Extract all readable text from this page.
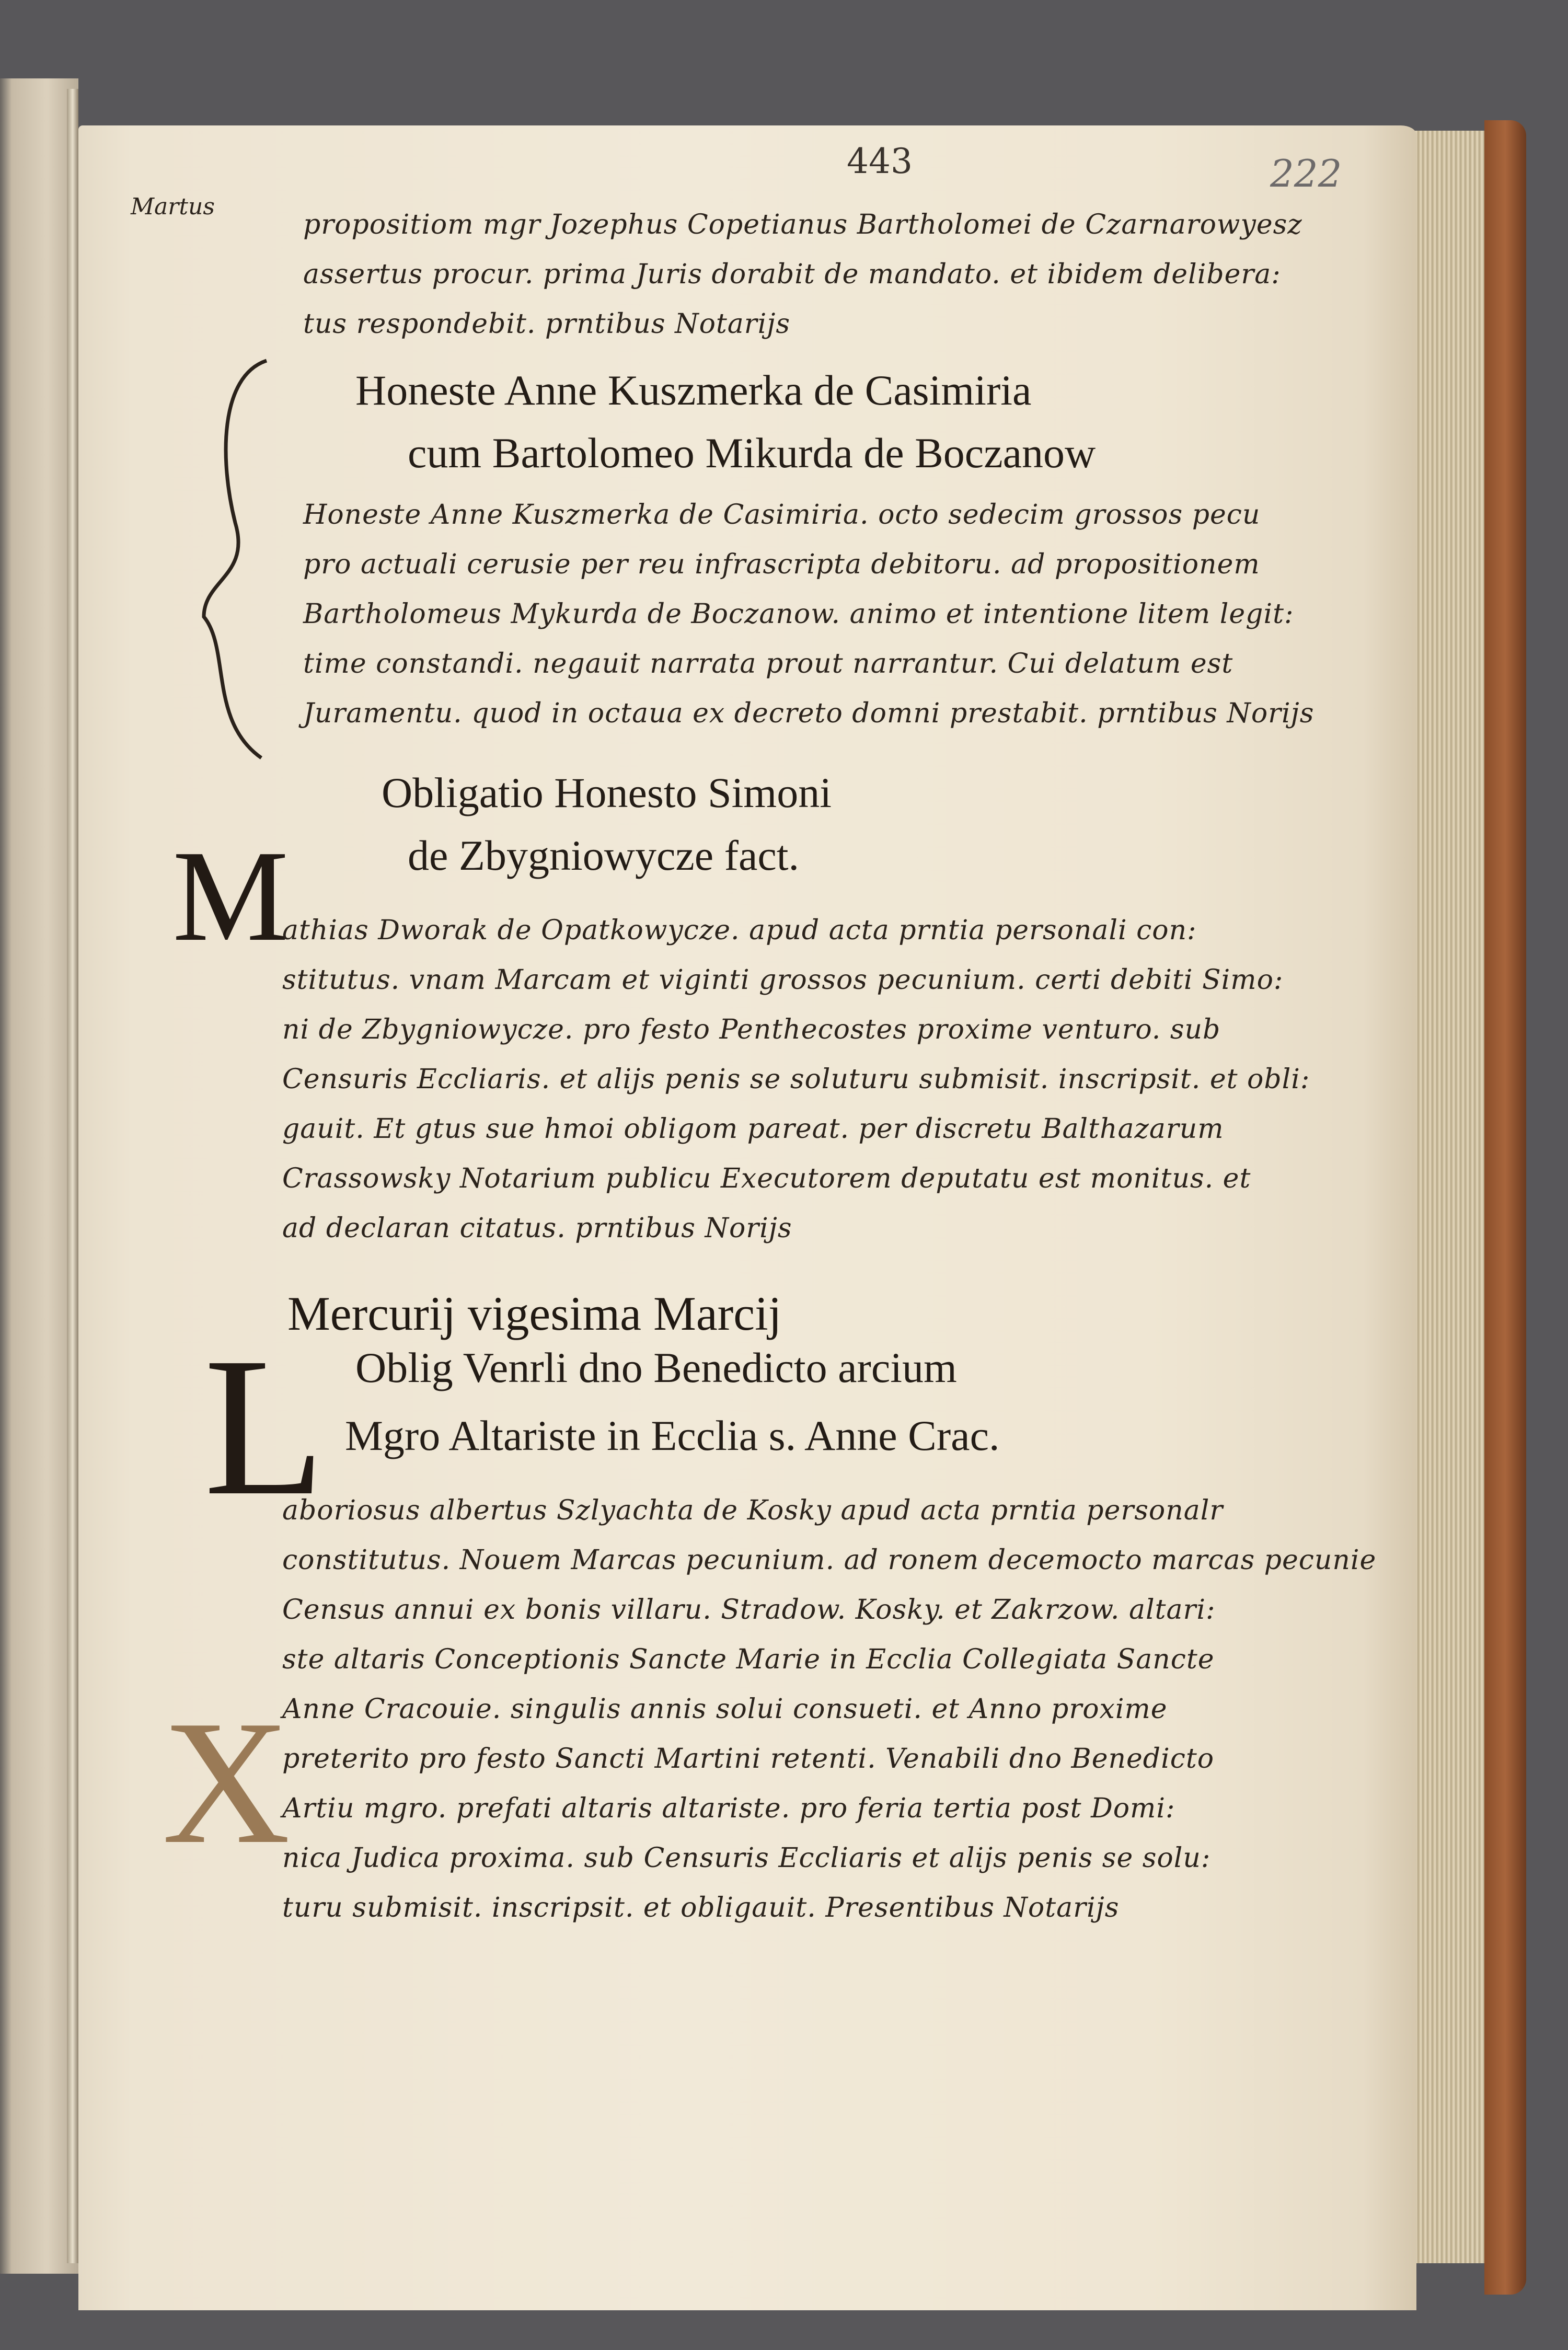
443	222

Martus

propositiom mgr Jozephus Copetianus Bartholomei de Czarnarowyesz

assertus procur. prima Juris dorabit de mandato. et ibidem delibera:

tus respondebit. prntibus Notarijs

Honeste Anne Kuszmerka de Casimiria

cum Bartolomeo Mikurda de Boczanow

Honeste Anne Kuszmerka de Casimiria. octo sedecim grossos pecu

pro actuali cerusie per reu infrascripta debitoru. ad propositionem

Bartholomeus Mykurda de Boczanow. animo et intentione litem legit:

time constandi. negauit narrata prout narrantur. Cui delatum est

Juramentu. quod in octaua ex decreto domni prestabit. prntibus Norijs

Obligatio Honesto Simoni

de Zbygniowycze fact.

M

athias Dworak de Opatkowycze. apud acta prntia personali con:

stitutus. vnam Marcam et viginti grossos pecunium. certi debiti Simo:

ni de Zbygniowycze. pro festo Penthecostes proxime venturo. sub

Censuris Eccliaris. et alijs penis se soluturu submisit. inscripsit. et obli:

gauit. Et gtus sue hmoi obligom pareat. per discretu Balthazarum

Crassowsky Notarium publicu Executorem deputatu est monitus. et

ad declaran citatus. prntibus Norijs

Mercurij vigesima Marcij

L Oblig Venrli dno Benedicto arcium

Mgro Altariste in Ecclia s. Anne Crac.

X

aboriosus albertus Szlyachta de Kosky apud acta prntia personalr

constitutus. Nouem Marcas pecunium. ad ronem decemocto marcas pecunie

Census annui ex bonis villaru. Stradow. Kosky. et Zakrzow. altari:

ste altaris Conceptionis Sancte Marie in Ecclia Collegiata Sancte

Anne Cracouie. singulis annis solui consueti. et Anno proxime

preterito pro festo Sancti Martini retenti. Venabili dno Benedicto

Artiu mgro. prefati altaris altariste. pro feria tertia post Domi:

nica Judica proxima. sub Censuris Eccliaris et alijs penis se solu:

turu submisit. inscripsit. et obligauit. Presentibus Notarijs
